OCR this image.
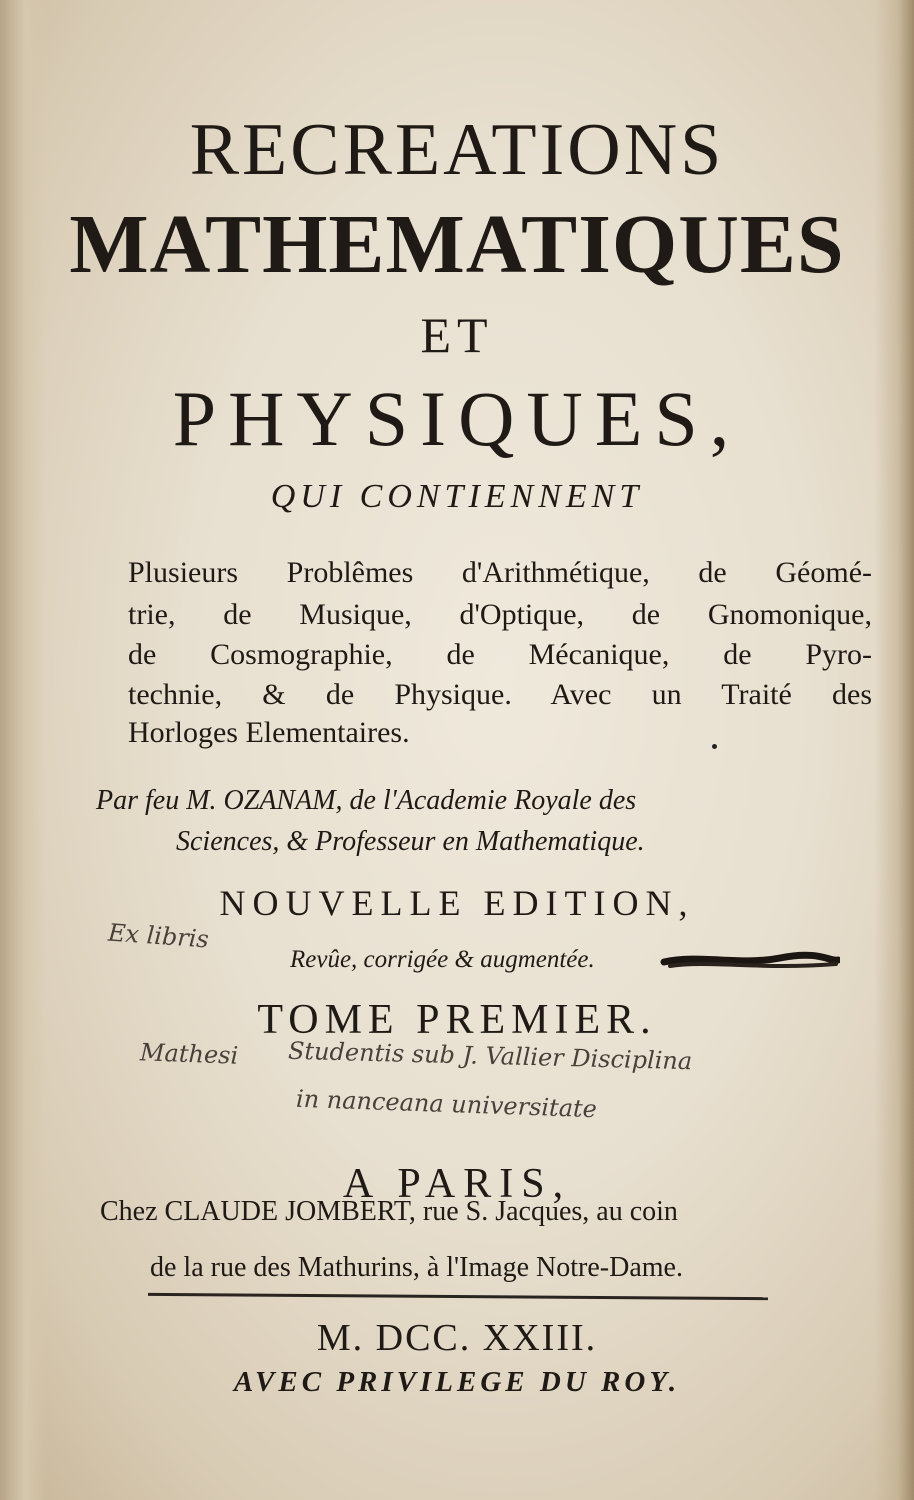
RECREATIONS
MATHEMATIQUES
ET
PHYSIQUES,
QUI CONTIENNENT
Plusieurs Problêmes d'Arithmétique, de Géomé-
trie, de Musique, d'Optique, de Gnomonique,
de Cosmographie, de Mécanique, de Pyro-
technie, & de Physique. Avec un Traité des
Horloges Elementaires.
Par feu M. OZANAM, de l'Academie Royale des
Sciences, & Professeur en Mathematique.
NOUVELLE EDITION,
Ex libris
Revûe, corrigée & augmentée.
TOME PREMIER.
Mathesi Studentis sub J. Vallier Disciplina
in nanceana universitate
A PARIS,
Chez CLAUDE JOMBERT, rue S. Jacques, au coin
de la rue des Mathurins, à l'Image Notre-Dame.
M. DCC. XXIII.
AVEC PRIVILEGE DU ROY.
